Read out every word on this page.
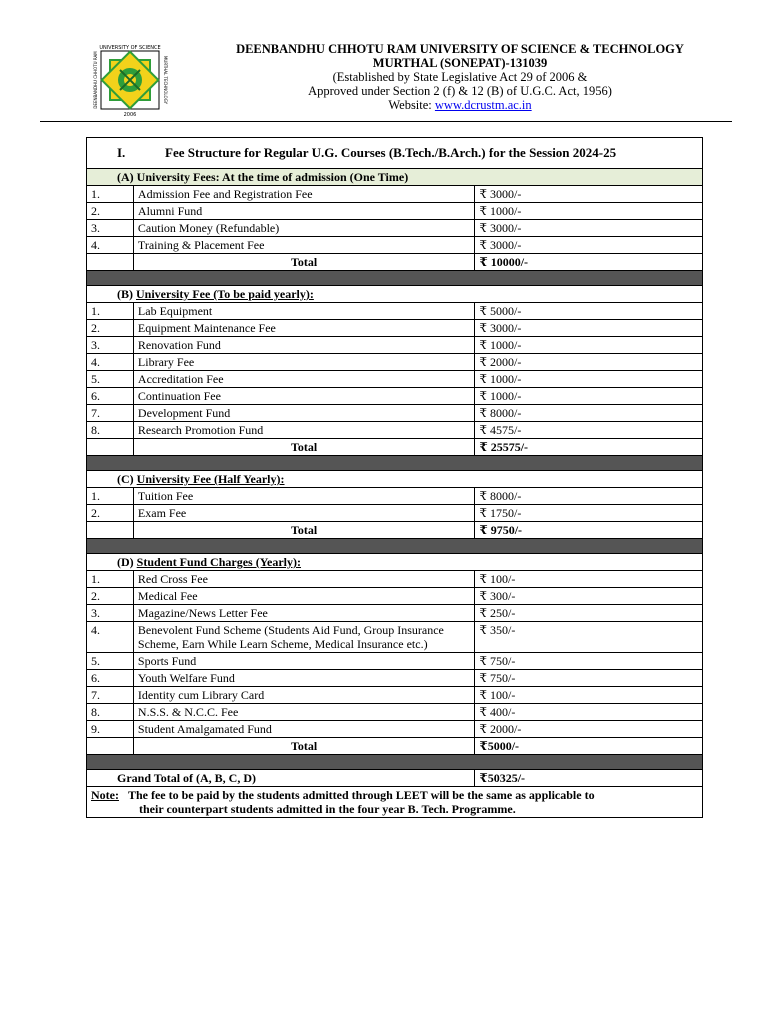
UNIVERSITY OF SCIENCE
2006
DEENBANDHU CHHOTU RAM	MURTHAL TECHNOLOGY
DEENBANDHU CHHOTU RAM UNIVERSITY OF SCIENCE & TECHNOLOGY
MURTHAL (SONEPAT)-131039
(Established by State Legislative Act 29 of 2006 &
Approved under Section 2 (f) & 12 (B) of U.G.C. Act, 1956)
Website: www.dcrustm.ac.in
I. Fee Structure for Regular U.G. Courses (B.Tech./B.Arch.) for the Session 2024-25		
(A) University Fees: At the time of admission (One Time)		
1.	Admission Fee and Registration Fee	₹ 3000/-
2.	Alumni Fund	₹ 1000/-
3.	Caution Money (Refundable)	₹ 3000/-
4.	Training & Placement Fee	₹ 3000/-
	Total	₹ 10000/-

(B) University Fee (To be paid yearly):		
1.	Lab Equipment	₹ 5000/-
2.	Equipment Maintenance Fee	₹ 3000/-
3.	Renovation Fund	₹ 1000/-
4.	Library Fee	₹ 2000/-
5.	Accreditation Fee	₹ 1000/-
6.	Continuation Fee	₹ 1000/-
7.	Development Fund	₹ 8000/-
8.	Research Promotion Fund	₹ 4575/-
	Total	₹ 25575/-

(C) University Fee (Half Yearly):		
1.	Tuition Fee	₹ 8000/-
2.	Exam Fee	₹ 1750/-
	Total	₹ 9750/-

(D) Student Fund Charges (Yearly):		
1.	Red Cross Fee	₹ 100/-
2.	Medical Fee	₹ 300/-
3.	Magazine/News Letter Fee	₹ 250/-
4.	Benevolent Fund Scheme (Students Aid Fund, Group Insurance Scheme, Earn While Learn Scheme, Medical Insurance etc.)	₹ 350/-
5.	Sports Fund	₹ 750/-
6.	Youth Welfare Fund	₹ 750/-
7.	Identity cum Library Card	₹ 100/-
8.	N.S.S. & N.C.C. Fee	₹ 400/-
9.	Student Amalgamated Fund	₹ 2000/-
	Total	₹5000/-

Grand Total of (A, B, C, D)		₹50325/-
Note: The fee to be paid by the students admitted through LEET will be the same as applicable to
their counterpart students admitted in the four year B. Tech. Programme.		
